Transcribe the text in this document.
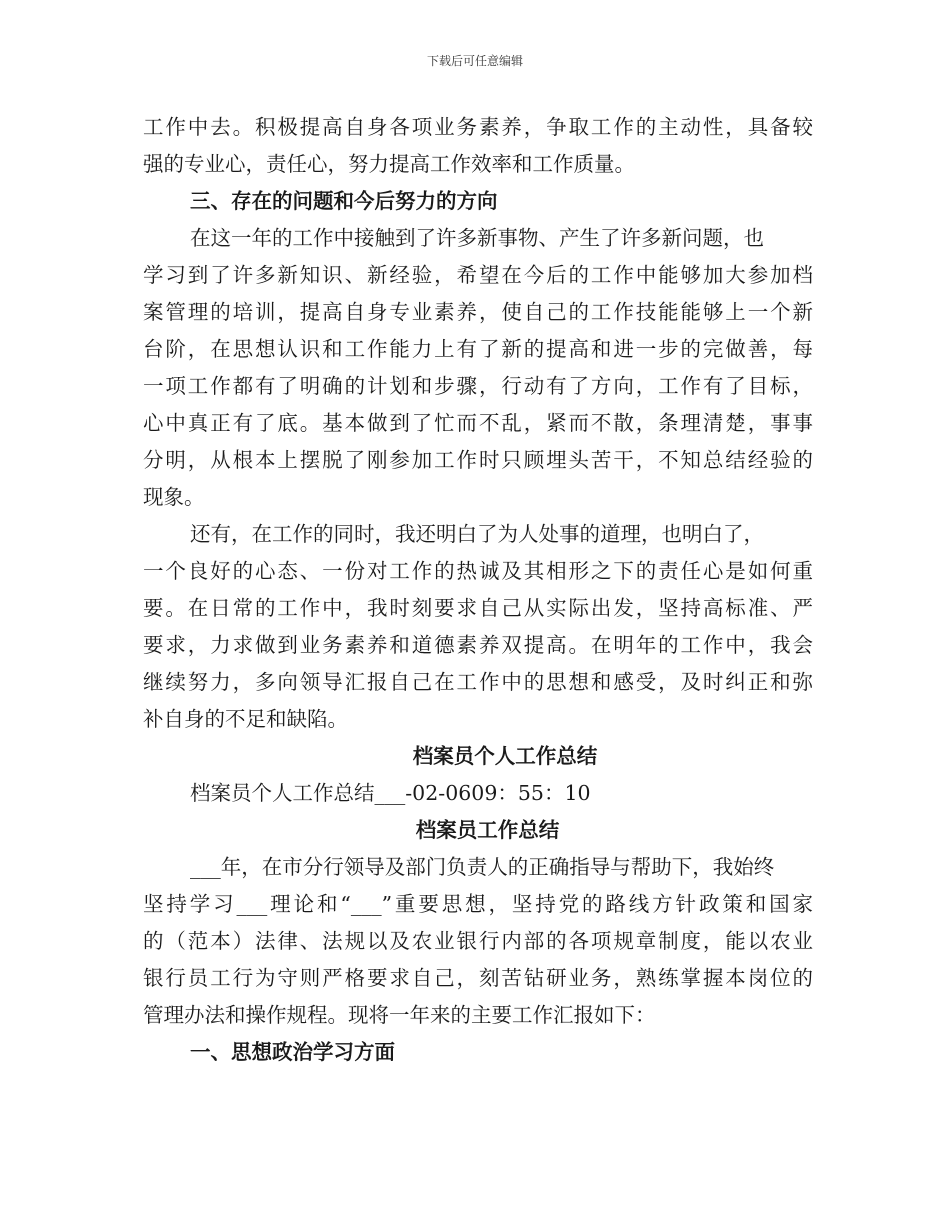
下载后可任意编辑
工作中去。积极提高自身各项业务素养，争取工作的主动性，具备较
强的专业心，责任心，努力提高工作效率和工作质量。
三、存在的问题和今后努力的方向
在这一年的工作中接触到了许多新事物、产生了许多新问题，也
学习到了许多新知识、新经验，希望在今后的工作中能够加大参加档
案管理的培训，提高自身专业素养，使自己的工作技能能够上一个新
台阶，在思想认识和工作能力上有了新的提高和进一步的完做善，每
一项工作都有了明确的计划和步骤，行动有了方向，工作有了目标，
心中真正有了底。基本做到了忙而不乱，紧而不散，条理清楚，事事
分明，从根本上摆脱了刚参加工作时只顾埋头苦干，不知总结经验的
现象。
还有，在工作的同时，我还明白了为人处事的道理，也明白了，
一个良好的心态、一份对工作的热诚及其相形之下的责任心是如何重
要。在日常的工作中，我时刻要求自己从实际出发，坚持高标准、严
要求，力求做到业务素养和道德素养双提高。在明年的工作中，我会
继续努力，多向领导汇报自己在工作中的思想和感受，及时纠正和弥
补自身的不足和缺陷。
档案员个人工作总结
档案员个人工作总结___-02-0609：55：10
档案员工作总结
___年，在市分行领导及部门负责人的正确指导与帮助下，我始终
坚持学习___理论和“___”重要思想，坚持党的路线方针政策和国家
的（范本）法律、法规以及农业银行内部的各项规章制度，能以农业
银行员工行为守则严格要求自己，刻苦钻研业务，熟练掌握本岗位的
管理办法和操作规程。现将一年来的主要工作汇报如下：
一、思想政治学习方面
